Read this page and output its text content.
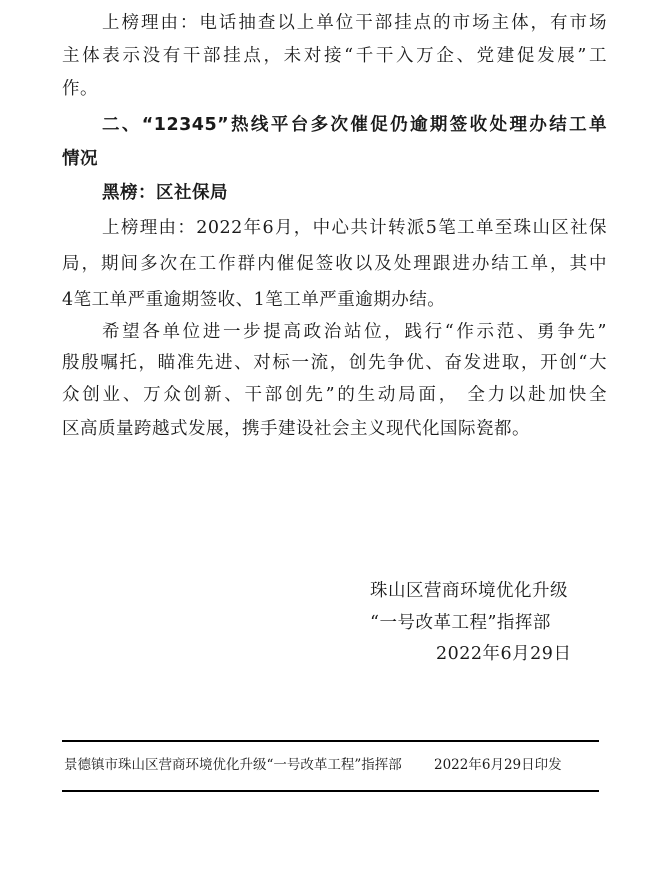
上榜理由：电话抽查以上单位干部挂点的市场主体，有市场
主体表示没有干部挂点，未对接“千干入万企、党建促发展”工
作。
二、“12345”热线平台多次催促仍逾期签收处理办结工单
情况
黑榜：区社保局
上榜理由：2022年6月，中心共计转派5笔工单至珠山区社保
局，期间多次在工作群内催促签收以及处理跟进办结工单，其中
4笔工单严重逾期签收、1笔工单严重逾期办结。
希望各单位进一步提高政治站位，践行“作示范、勇争先”
殷殷嘱托，瞄准先进、对标一流，创先争优、奋发进取，开创“大
众创业、万众创新、干部创先”的生动局面， 全力以赴加快全
区高质量跨越式发展，携手建设社会主义现代化国际瓷都。
珠山区营商环境优化升级
“一号改革工程”指挥部
2022年6月29日
景德镇市珠山区营商环境优化升级“一号改革工程”指挥部 2022年6月29日印发
